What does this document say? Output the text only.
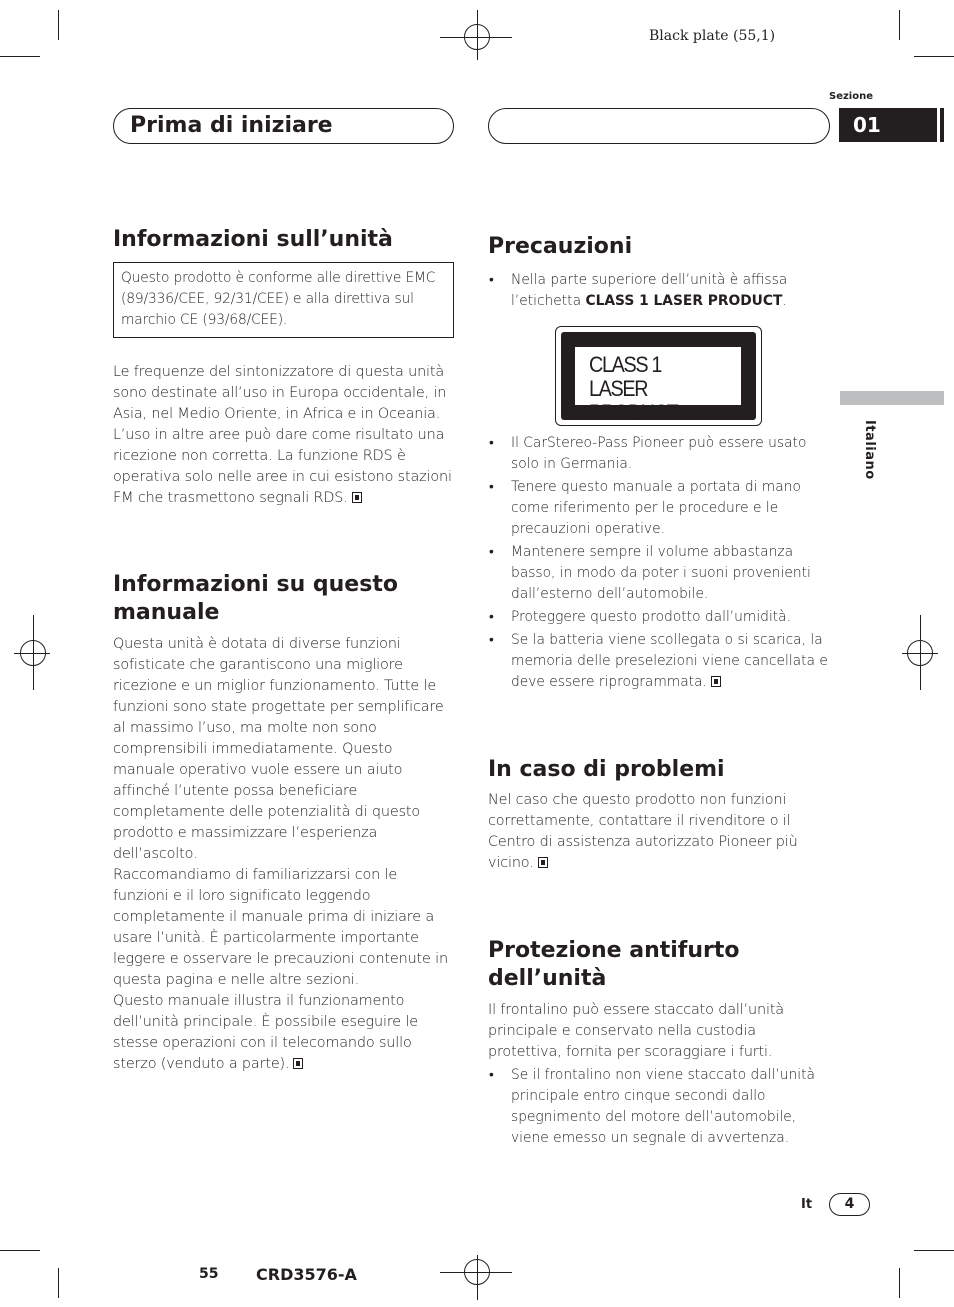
Black plate (55,1)
Sezione
Prima di iniziare	01
Italiano
Informazioni sull’unità

Questo prodotto è conforme alle direttive EMC (89/336/CEE, 92/31/CEE) e alla direttiva sul marchio CE (93/68/CEE).

Le frequenze del sintonizzatore di questa unità sono destinate all’uso in Europa occidentale, in Asia, nel Medio Oriente, in Africa e in Oceania. L’uso in altre aree può dare come risultato una ricezione non corretta. La funzione RDS è operativa solo nelle aree in cui esistono stazioni FM che trasmettono segnali RDS.

Informazioni su questo manuale

Questa unità è dotata di diverse funzioni sofisticate che garantiscono una migliore ricezione e un miglior funzionamento. Tutte le funzioni sono state progettate per semplificare al massimo l’uso, ma molte non sono comprensibili immediatamente. Questo manuale operativo vuole essere un aiuto affinché l’utente possa beneficiare completamente delle potenzialità di questo prodotto e massimizzare l’esperienza dell’ascolto.

Raccomandiamo di familiarizzarsi con le funzioni e il loro significato leggendo completamente il manuale prima di iniziare a usare l’unità. È particolarmente importante leggere e osservare le precauzioni contenute in questa pagina e nelle altre sezioni.

Questo manuale illustra il funzionamento dell’unità principale. È possibile eseguire le stesse operazioni con il telecomando sullo sterzo (venduto a parte).

Precauzioni
• Nella parte superiore dell’unità è affissa l’etichetta CLASS 1 LASER PRODUCT.
CLASS 1
LASER PRODUCT
• Il CarStereo-Pass Pioneer può essere usato solo in Germania.
• Tenere questo manuale a portata di mano come riferimento per le procedure e le precauzioni operative.
• Mantenere sempre il volume abbastanza basso, in modo da poter i suoni provenienti dall’esterno dell’automobile.
• Proteggere questo prodotto dall’umidità.
• Se la batteria viene scollegata o si scarica, la memoria delle preselezioni viene cancellata e deve essere riprogrammata.
In caso di problemi

Nel caso che questo prodotto non funzioni correttamente, contattare il rivenditore o il Centro di assistenza autorizzato Pioneer più vicino.

Protezione antifurto dell’unità

Il frontalino può essere staccato dall’unità principale e conservato nella custodia protettiva, fornita per scoraggiare i furti.

• Se il frontalino non viene staccato dall’unità principale entro cinque secondi dallo spegnimento del motore dell’automobile, viene emesso un segnale di avvertenza.
It	4
55 CRD3576-A
